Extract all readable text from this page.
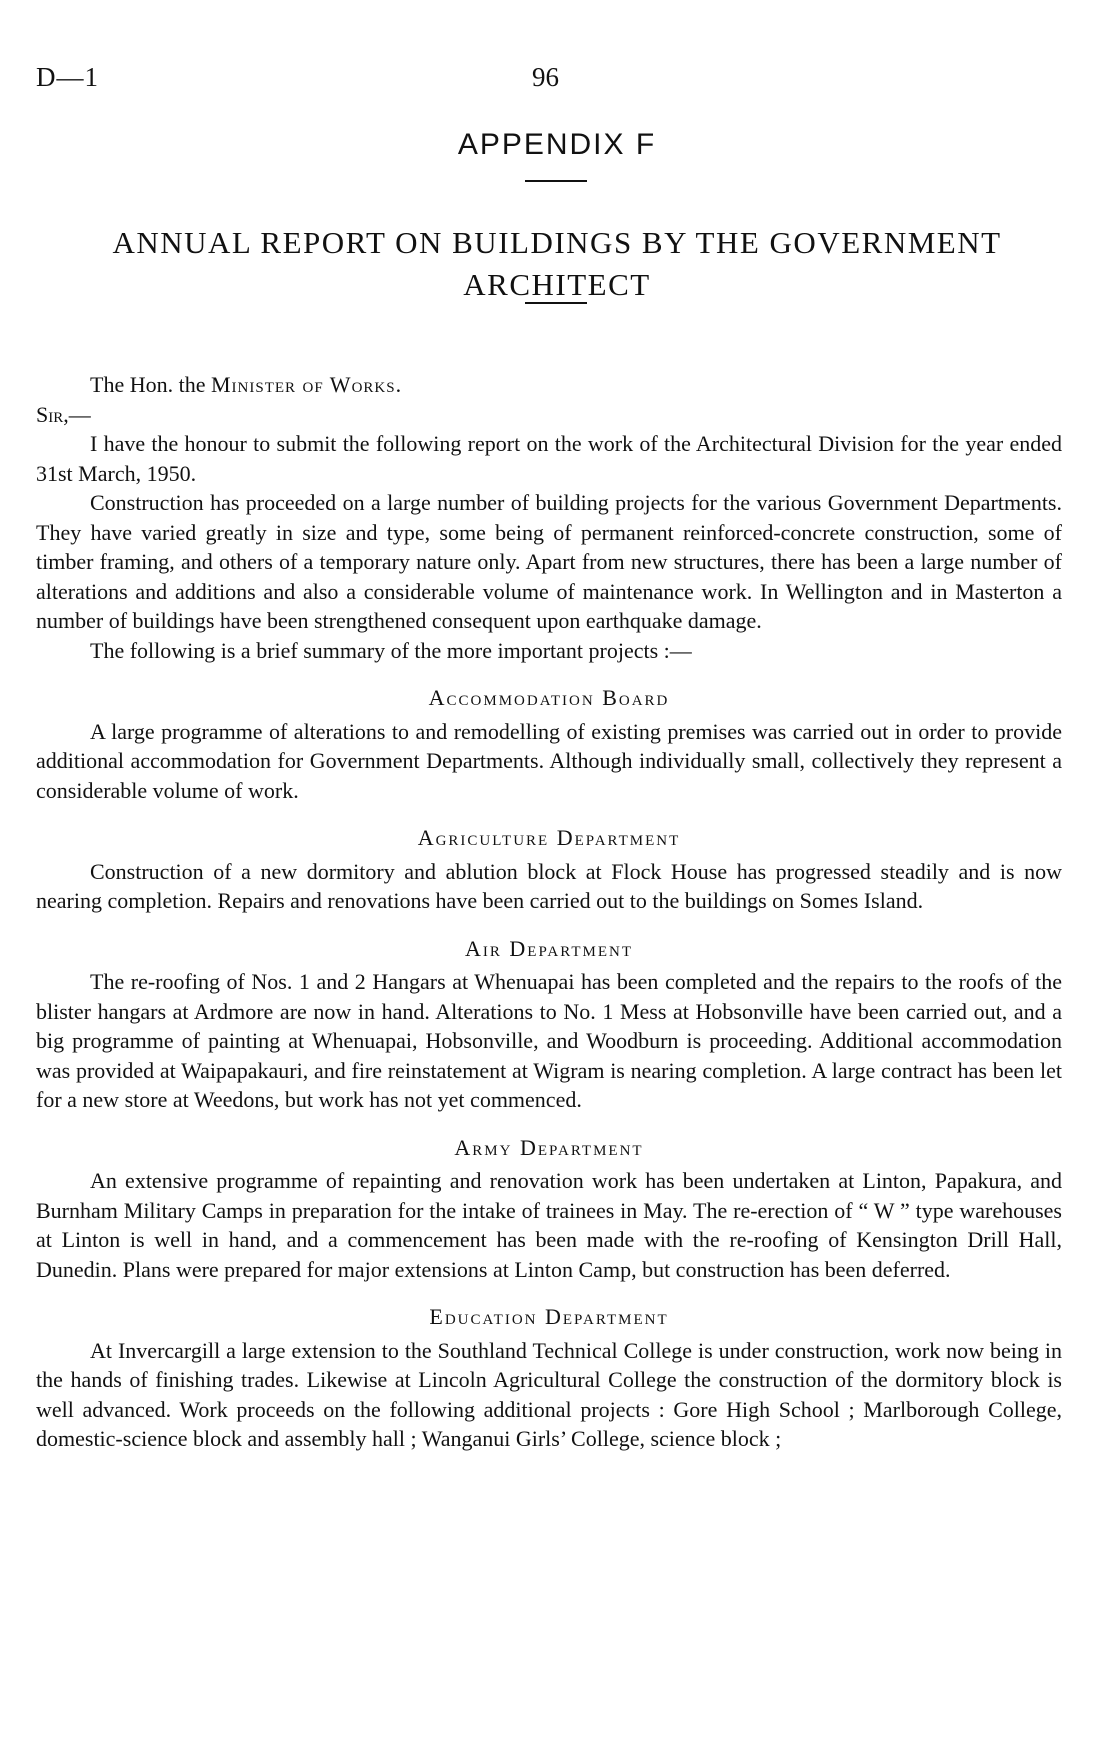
D—1	96
APPENDIX F
ANNUAL REPORT ON BUILDINGS BY THE GOVERNMENT ARCHITECT

The Hon. the Minister of Works.

Sir,—

I have the honour to submit the following report on the work of the Architectural Division for the year ended 31st March, 1950.

Construction has proceeded on a large number of building projects for the various Government Departments. They have varied greatly in size and type, some being of permanent reinforced-concrete construction, some of timber framing, and others of a temporary nature only. Apart from new structures, there has been a large number of alterations and additions and also a considerable volume of maintenance work. In Wellington and in Masterton a number of buildings have been strengthened consequent upon earthquake damage.

The following is a brief summary of the more important projects :—

Accommodation Board

A large programme of alterations to and remodelling of existing premises was carried out in order to provide additional accommodation for Government Departments. Although individually small, collectively they represent a considerable volume of work.

Agriculture Department

Construction of a new dormitory and ablution block at Flock House has progressed steadily and is now nearing completion. Repairs and renovations have been carried out to the buildings on Somes Island.

Air Department

The re-roofing of Nos. 1 and 2 Hangars at Whenuapai has been completed and the repairs to the roofs of the blister hangars at Ardmore are now in hand. Alterations to No. 1 Mess at Hobsonville have been carried out, and a big programme of painting at Whenuapai, Hobsonville, and Woodburn is proceeding. Additional accommodation was provided at Waipapakauri, and fire reinstatement at Wigram is nearing completion. A large contract has been let for a new store at Weedons, but work has not yet commenced.

Army Department

An extensive programme of repainting and renovation work has been undertaken at Linton, Papakura, and Burnham Military Camps in preparation for the intake of trainees in May. The re-erection of “ W ” type warehouses at Linton is well in hand, and a commencement has been made with the re-roofing of Kensington Drill Hall, Dunedin. Plans were prepared for major extensions at Linton Camp, but construction has been deferred.

Education Department

At Invercargill a large extension to the Southland Technical College is under construction, work now being in the hands of finishing trades. Likewise at Lincoln Agricultural College the construction of the dormitory block is well advanced. Work proceeds on the following additional projects : Gore High School ; Marlborough College, domestic-science block and assembly hall ; Wanganui Girls’ College, science block ;
